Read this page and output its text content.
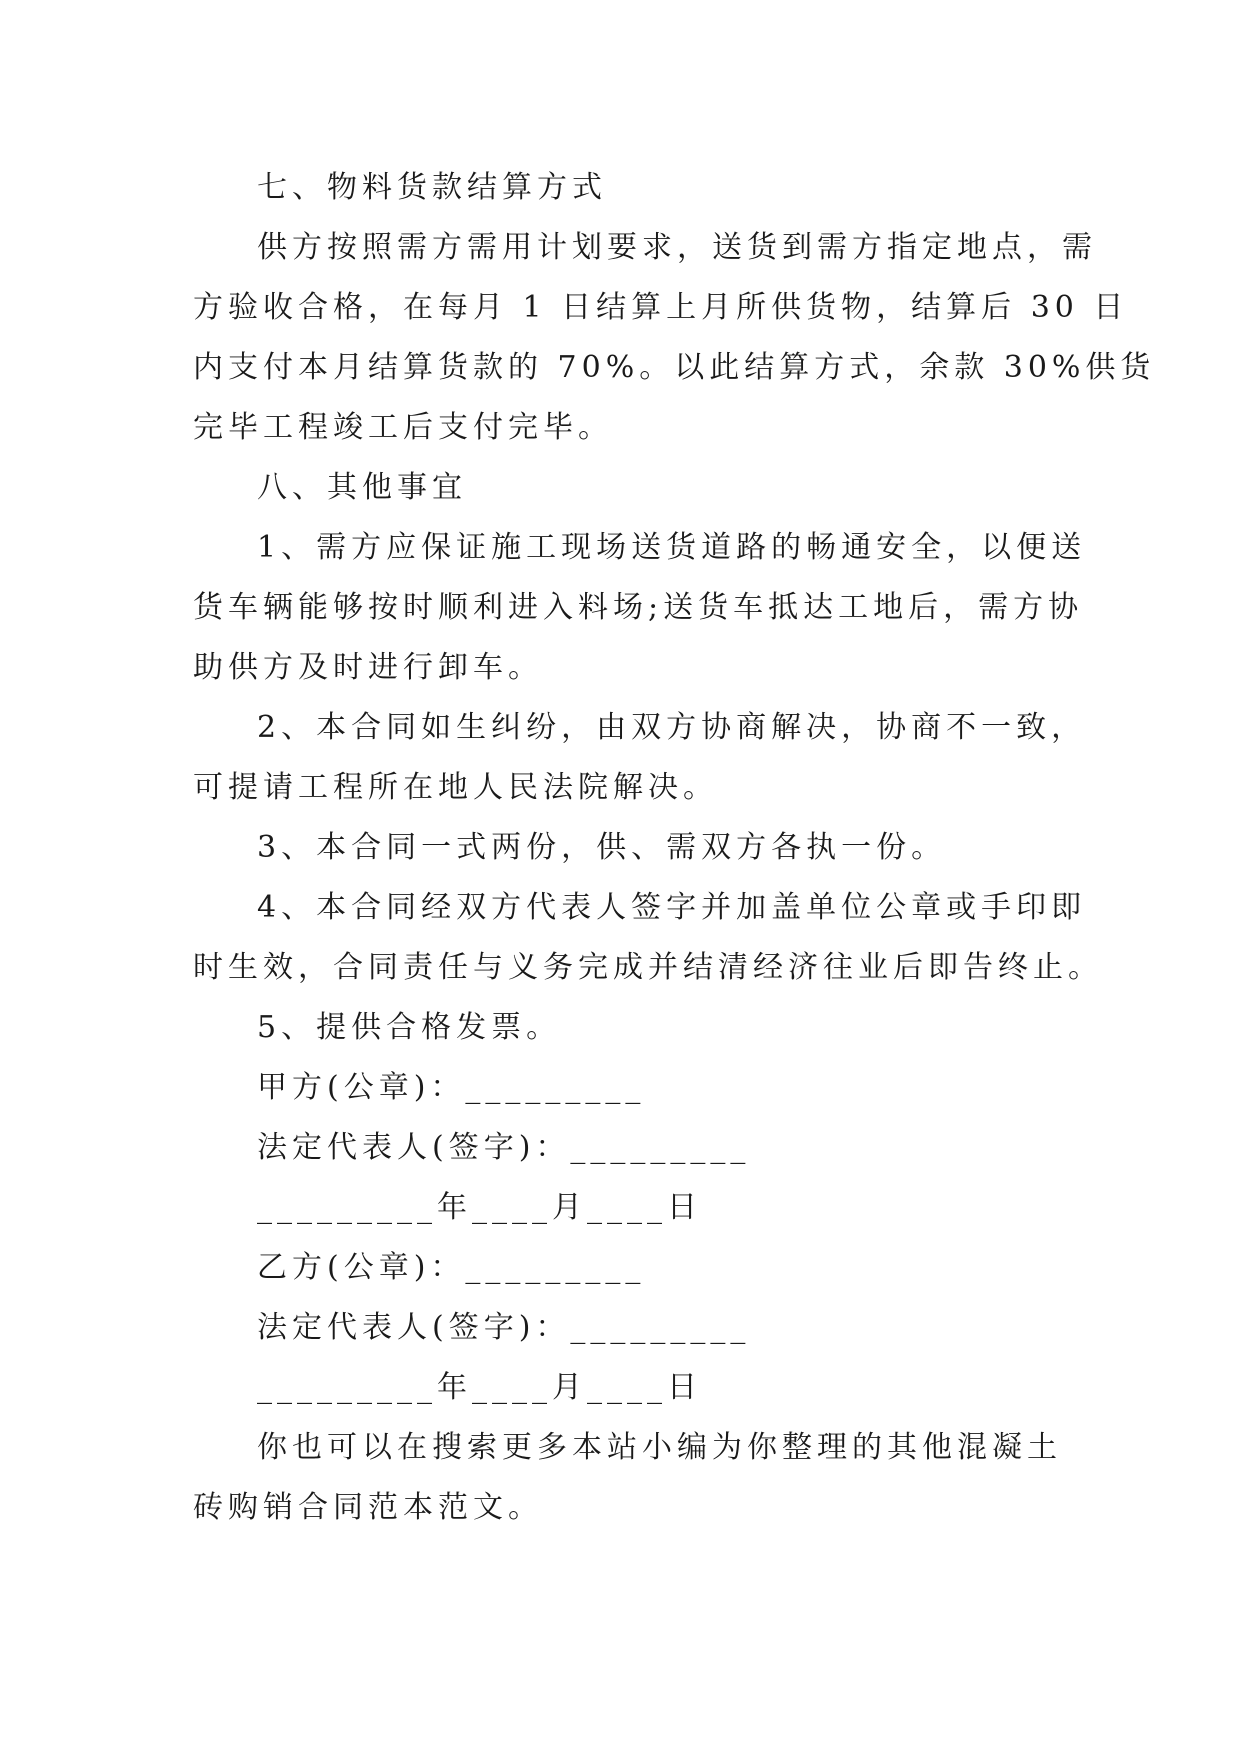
七、物料货款结算方式

供方按照需方需用计划要求，送货到需方指定地点，需
方验收合格，在每月 1 日结算上月所供货物，结算后 30 日
内支付本月结算货款的 70%。以此结算方式，余款 30%供货
完毕工程竣工后支付完毕。

八、其他事宜

1、需方应保证施工现场送货道路的畅通安全，以便送
货车辆能够按时顺利进入料场;送货车抵达工地后，需方协
助供方及时进行卸车。

2、本合同如生纠纷，由双方协商解决，协商不一致，
可提请工程所在地人民法院解决。

3、本合同一式两份，供、需双方各执一份。

4、本合同经双方代表人签字并加盖单位公章或手印即
时生效，合同责任与义务完成并结清经济往业后即告终止。

5、提供合格发票。

甲方(公章)：_________

法定代表人(签字)：_________

_________年____月____日

乙方(公章)：_________

法定代表人(签字)：_________

_________年____月____日

你也可以在搜索更多本站小编为你整理的其他混凝土
砖购销合同范本范文。
